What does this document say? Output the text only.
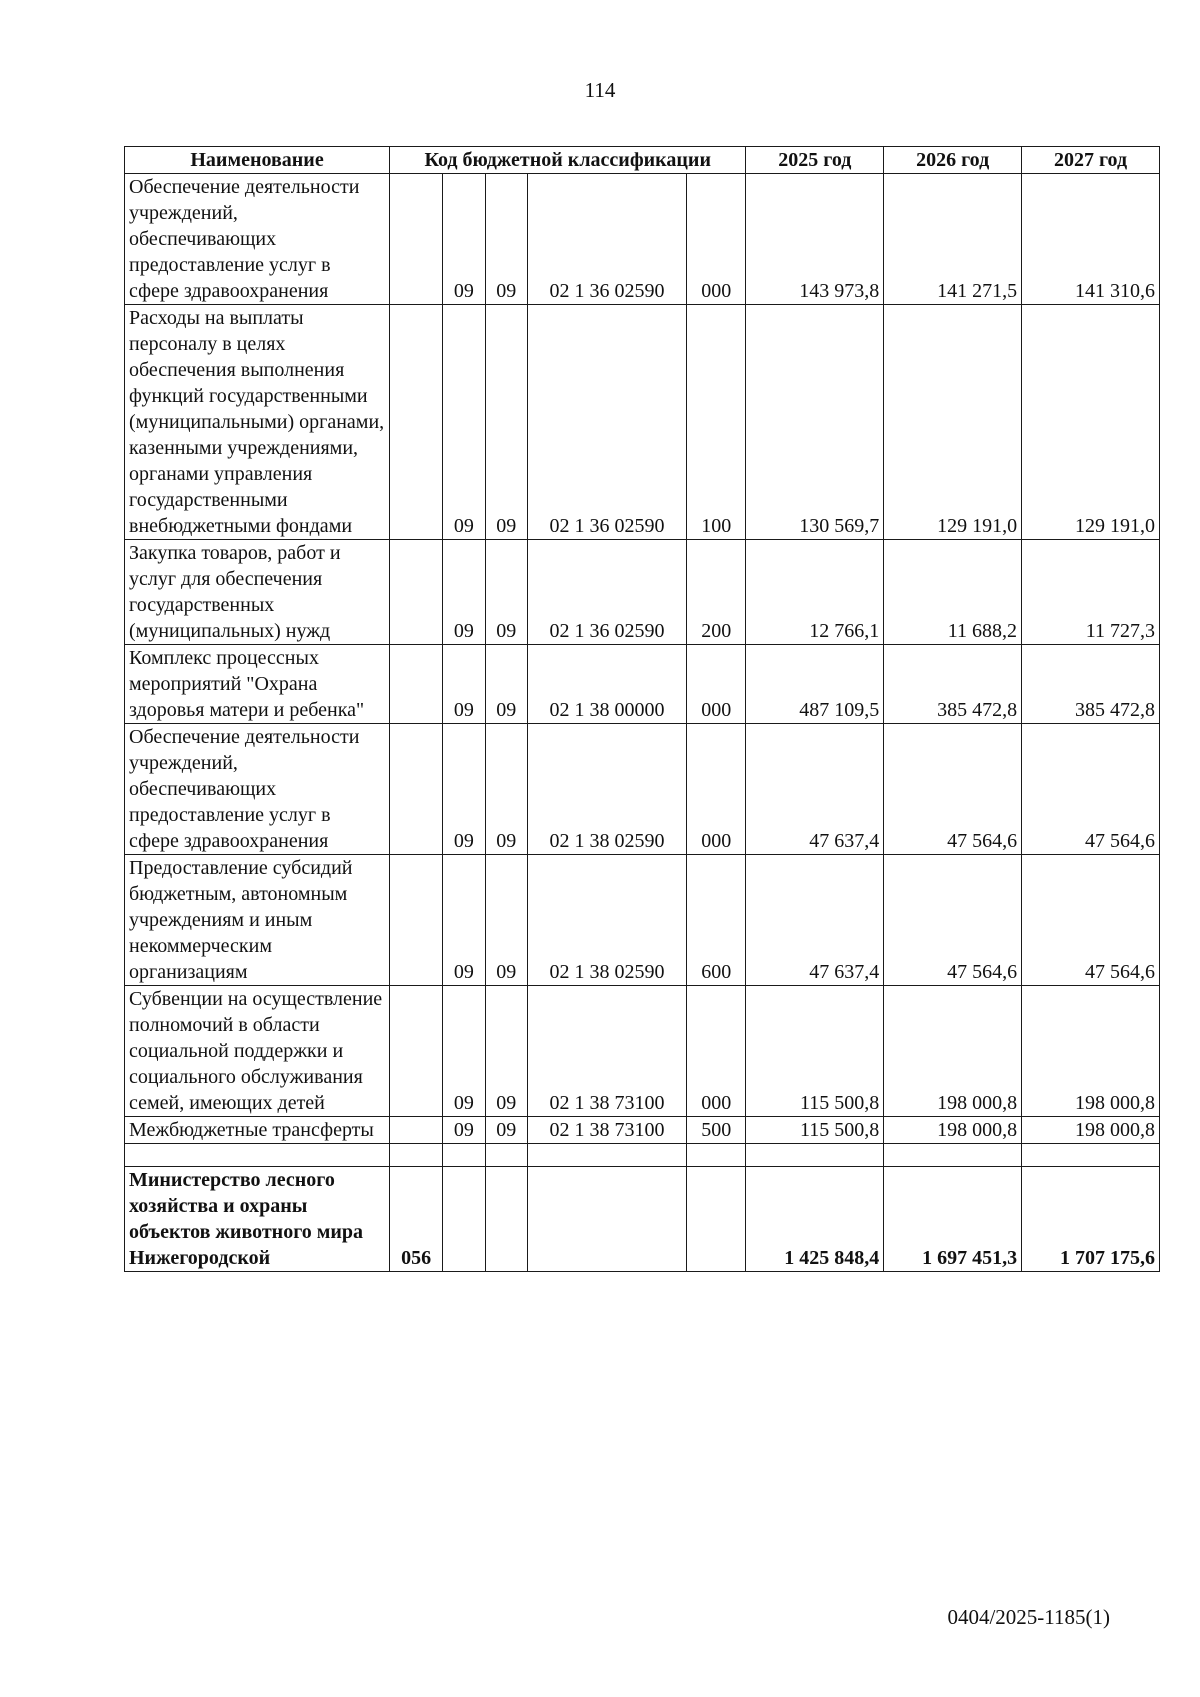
114
Наименование	Код бюджетной классификации					2025 год	2026 год	2027 год
Обеспечение деятельности учреждений, обеспечивающих предоставление услуг в сфере здравоохранения		09	09	02 1 36 02590	000	143 973,8	141 271,5	141 310,6
Расходы на выплаты персоналу в целях обеспечения выполнения функций государственными (муниципальными) органами, казенными учреждениями, органами управления государственными внебюджетными фондами		09	09	02 1 36 02590	100	130 569,7	129 191,0	129 191,0
Закупка товаров, работ и услуг для обеспечения государственных (муниципальных) нужд		09	09	02 1 36 02590	200	12 766,1	11 688,2	11 727,3
Комплекс процессных мероприятий "Охрана здоровья матери и ребенка"		09	09	02 1 38 00000	000	487 109,5	385 472,8	385 472,8
Обеспечение деятельности учреждений, обеспечивающих предоставление услуг в сфере здравоохранения		09	09	02 1 38 02590	000	47 637,4	47 564,6	47 564,6
Предоставление субсидий бюджетным, автономным учреждениям и иным некоммерческим организациям		09	09	02 1 38 02590	600	47 637,4	47 564,6	47 564,6
Субвенции на осуществление полномочий в области социальной поддержки и социального обслуживания семей, имеющих детей		09	09	02 1 38 73100	000	115 500,8	198 000,8	198 000,8
Межбюджетные трансферты		09	09	02 1 38 73100	500	115 500,8	198 000,8	198 000,8

Министерство лесного хозяйства и охраны объектов животного мира Нижегородской	056					1 425 848,4	1 697 451,3	1 707 175,6
0404/2025-1185(1)
